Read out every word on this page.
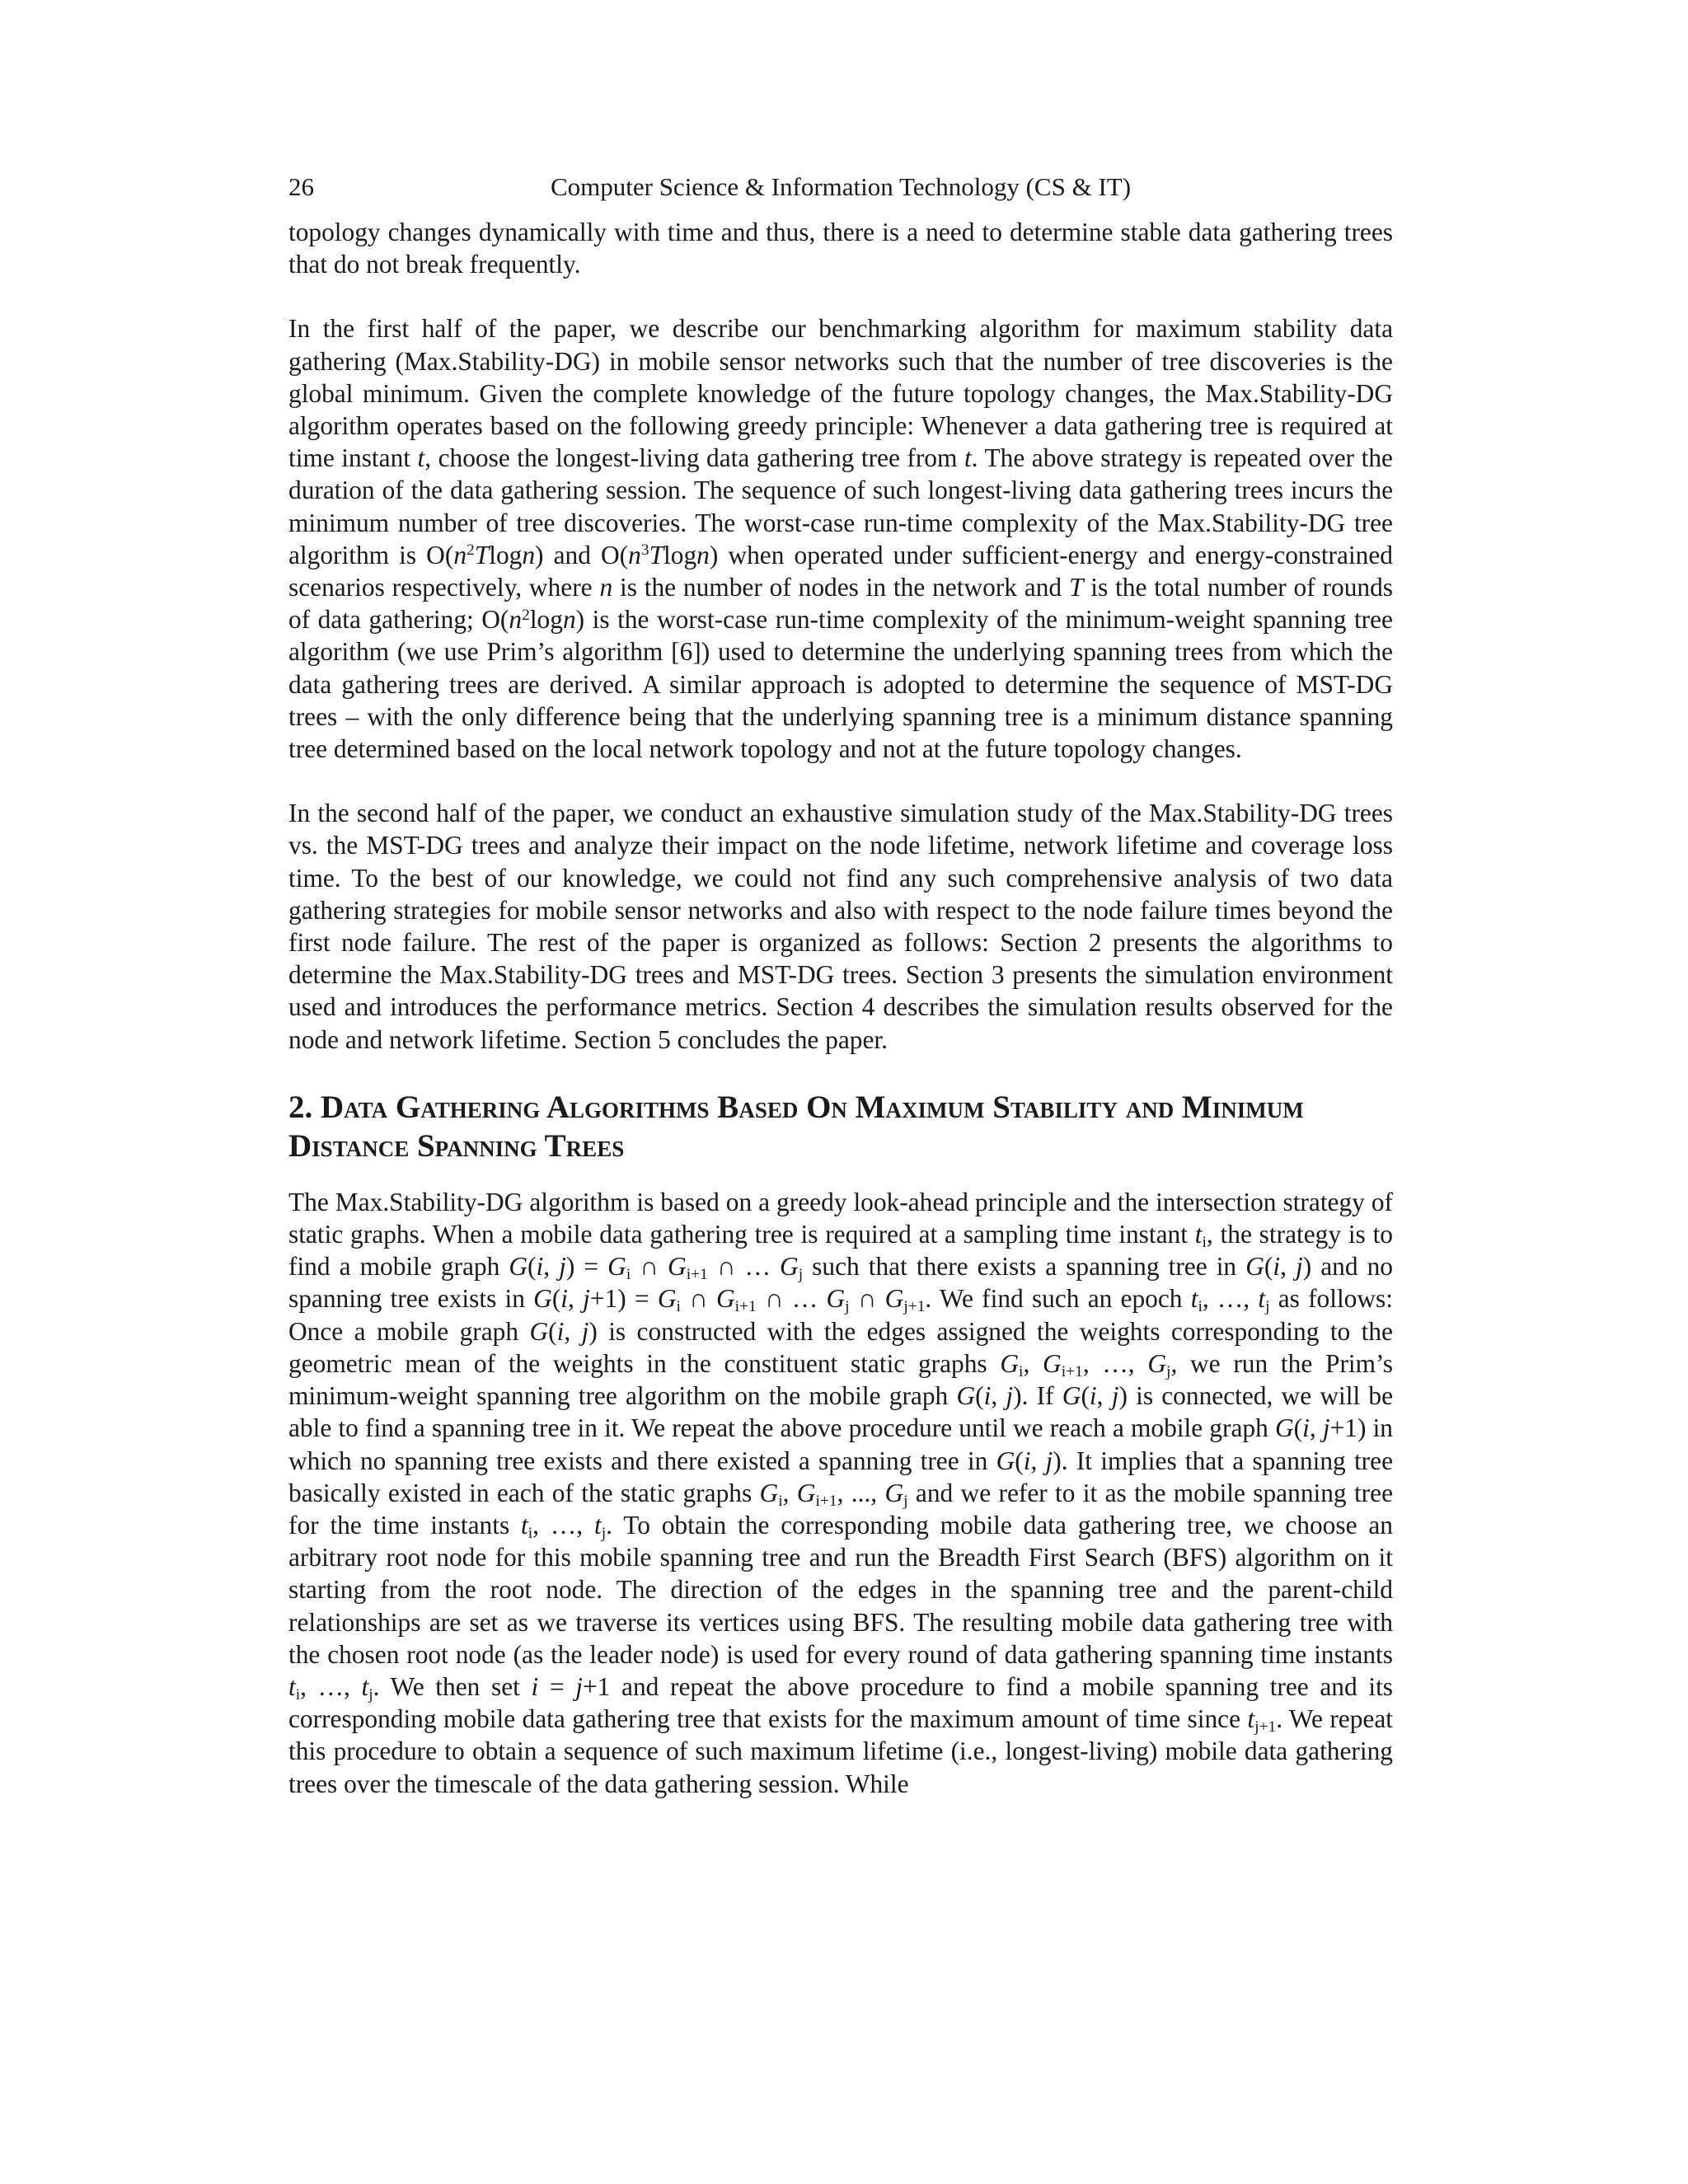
26	Computer Science & Information Technology (CS & IT)

topology changes dynamically with time and thus, there is a need to determine stable data gathering trees that do not break frequently.

In the first half of the paper, we describe our benchmarking algorithm for maximum stability data gathering (Max.Stability-DG) in mobile sensor networks such that the number of tree discoveries is the global minimum. Given the complete knowledge of the future topology changes, the Max.Stability-DG algorithm operates based on the following greedy principle: Whenever a data gathering tree is required at time instant t, choose the longest-living data gathering tree from t. The above strategy is repeated over the duration of the data gathering session. The sequence of such longest-living data gathering trees incurs the minimum number of tree discoveries. The worst-case run-time complexity of the Max.Stability-DG tree algorithm is $O(n^2Tlogn)$ and $O(n^3Tlogn)$ when operated under sufficient-energy and energy-constrained scenarios respectively, where n is the number of nodes in the network and T is the total number of rounds of data gathering; $O(n^2\log n)$ is the worst-case run-time complexity of the minimum-weight spanning tree algorithm (we use Prim’s algorithm [6]) used to determine the underlying spanning trees from which the data gathering trees are derived. A similar approach is adopted to determine the sequence of MST-DG trees – with the only difference being that the underlying spanning tree is a minimum distance spanning tree determined based on the local network topology and not at the future topology changes.

In the second half of the paper, we conduct an exhaustive simulation study of the Max.Stability-DG trees vs. the MST-DG trees and analyze their impact on the node lifetime, network lifetime and coverage loss time. To the best of our knowledge, we could not find any such comprehensive analysis of two data gathering strategies for mobile sensor networks and also with respect to the node failure times beyond the first node failure. The rest of the paper is organized as follows: Section 2 presents the algorithms to determine the Max.Stability-DG trees and MST-DG trees. Section 3 presents the simulation environment used and introduces the performance metrics. Section 4 describes the simulation results observed for the node and network lifetime. Section 5 concludes the paper.

2. Data Gathering Algorithms Based On Maximum Stability and Minimum Distance Spanning Trees

The Max.Stability-DG algorithm is based on a greedy look-ahead principle and the intersection strategy of static graphs. When a mobile data gathering tree is required at a sampling time instant $t_i$, the strategy is to find a mobile graph G(i, $j) = G_i$ ∩ $G_{i+1}$ ∩ … $G_j$ such that there exists a spanning tree in G(i, j) and no spanning tree exists in G(i, $j+1) = G_i$ ∩ $G_{i+1}$ ∩ … $G_j$ ∩ $G_{j+1}$. We find such an epoch $t_i$, …, $t_j$ as follows: Once a mobile graph G(i, j) is constructed with the edges assigned the weights corresponding to the geometric mean of the weights in the constituent static graphs $G_i$, $G_{i+1}$, …, $G_j$, we run the Prim’s minimum-weight spanning tree algorithm on the mobile graph G(i, j). If G(i, j) is connected, we will be able to find a spanning tree in it. We repeat the above procedure until we reach a mobile graph G(i, j+1) in which no spanning tree exists and there existed a spanning tree in G(i, j). It implies that a spanning tree basically existed in each of the static graphs $G_i$, $G_{i+1}$, ..., $G_j$ and we refer to it as the mobile spanning tree for the time instants $t_i$, …, $t_j$. To obtain the corresponding mobile data gathering tree, we choose an arbitrary root node for this mobile spanning tree and run the Breadth First Search (BFS) algorithm on it starting from the root node. The direction of the edges in the spanning tree and the parent-child relationships are set as we traverse its vertices using BFS. The resulting mobile data gathering tree with the chosen root node (as the leader node) is used for every round of data gathering spanning time instants $t_i$, …, $t_j$. We then set i = j+1 and repeat the above procedure to find a mobile spanning tree and its corresponding mobile data gathering tree that exists for the maximum amount of time since $t_{j+1}$. We repeat this procedure to obtain a sequence of such maximum lifetime (i.e., longest-living) mobile data gathering trees over the timescale of the data gathering session. While
